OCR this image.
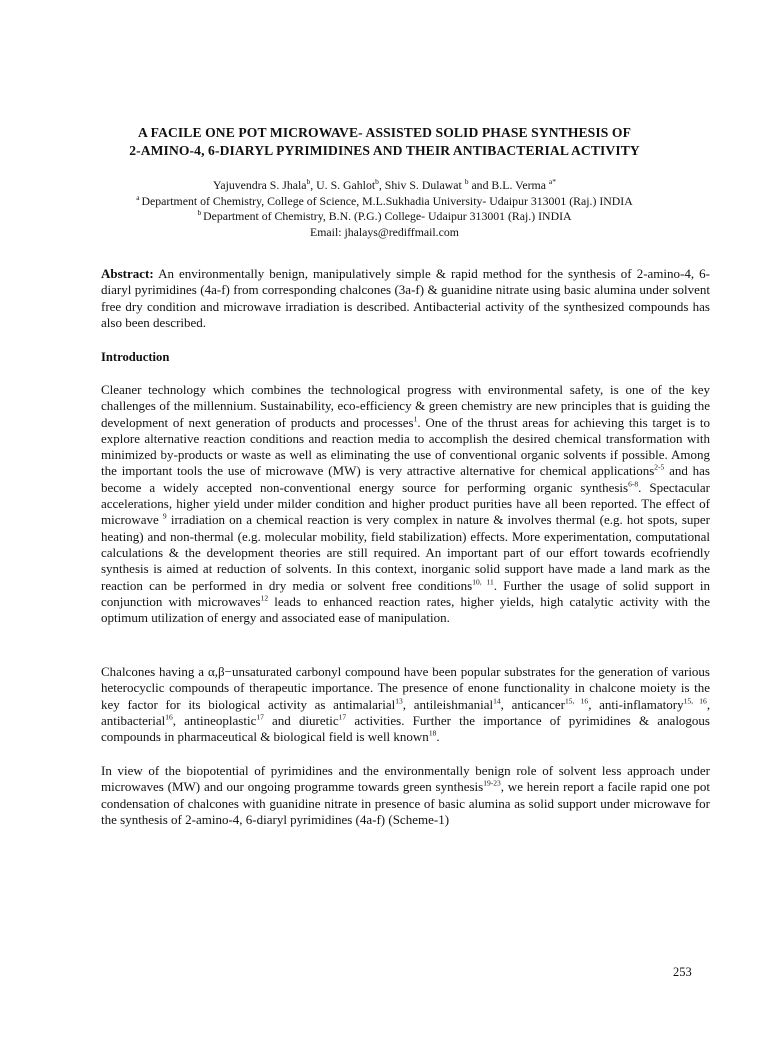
A FACILE ONE POT MICROWAVE- ASSISTED SOLID PHASE SYNTHESIS OF
2-AMINO-4, 6-DIARYL PYRIMIDINES AND THEIR ANTIBACTERIAL ACTIVITY
Yajuvendra S. Jhala$^b$, U. S. Gahlot$^b$, Shiv S. Dulawat $^b$ and B.L. Verma $^{a*}$
$^a$ Department of Chemistry, College of Science, M.L.Sukhadia University- Udaipur 313001 (Raj.) INDIA
$^b$ Department of Chemistry, B.N. (P.G.) College- Udaipur 313001 (Raj.) INDIA
Email: jhalays@rediffmail.com

Abstract: An environmentally benign, manipulatively simple & rapid method for the synthesis of 2-amino-4, 6-diaryl pyrimidines (4a-f) from corresponding chalcones (3a-f) & guanidine nitrate using basic alumina under solvent free dry condition and microwave irradiation is described. Antibacterial activity of the synthesized compounds has also been described.

Introduction

Cleaner technology which combines the technological progress with environmental safety, is one of the key challenges of the millennium. Sustainability, eco-efficiency & green chemistry are new principles that is guiding the development of next generation of products and processes$^1$. One of the thrust areas for achieving this target is to explore alternative reaction conditions and reaction media to accomplish the desired chemical transformation with minimized by-products or waste as well as eliminating the use of conventional organic solvents if possible. Among the important tools the use of microwave (MW) is very attractive alternative for chemical applications$^{2-5}$ and has become a widely accepted non-conventional energy source for performing organic synthesis$^{6-8}$. Spectacular accelerations, higher yield under milder condition and higher product purities have all been reported. The effect of microwave $^9$ irradiation on a chemical reaction is very complex in nature & involves thermal (e.g. hot spots, super heating) and non-thermal (e.g. molecular mobility, field stabilization) effects. More experimentation, computational calculations & the development theories are still required. An important part of our effort towards ecofriendly synthesis is aimed at reduction of solvents. In this context, inorganic solid support have made a land mark as the reaction can be performed in dry media or solvent free conditions$^{10, 11}$. Further the usage of solid support in conjunction with microwaves$^{12}$ leads to enhanced reaction rates, higher yields, high catalytic activity with the optimum utilization of energy and associated ease of manipulation.

Chalcones having a α,β−unsaturated carbonyl compound have been popular substrates for the generation of various heterocyclic compounds of therapeutic importance. The presence of enone functionality in chalcone moiety is the key factor for its biological activity as antimalarial$^{13}$, antileishmanial$^{14}$, anticancer$^{15, 16}$, anti-inflamatory$^{15, 16}$, antibacterial$^{16}$, antineoplastic$^{17}$ and diuretic$^{17}$ activities. Further the importance of pyrimidines & analogous compounds in pharmaceutical & biological field is well known$^{18}$.

In view of the biopotential of pyrimidines and the environmentally benign role of solvent less approach under microwaves (MW) and our ongoing programme towards green synthesis$^{19-23}$, we herein report a facile rapid one pot condensation of chalcones with guanidine nitrate in presence of basic alumina as solid support under microwave for the synthesis of 2-amino-4, 6-diaryl pyrimidines (4a-f) (Scheme-1)

253
